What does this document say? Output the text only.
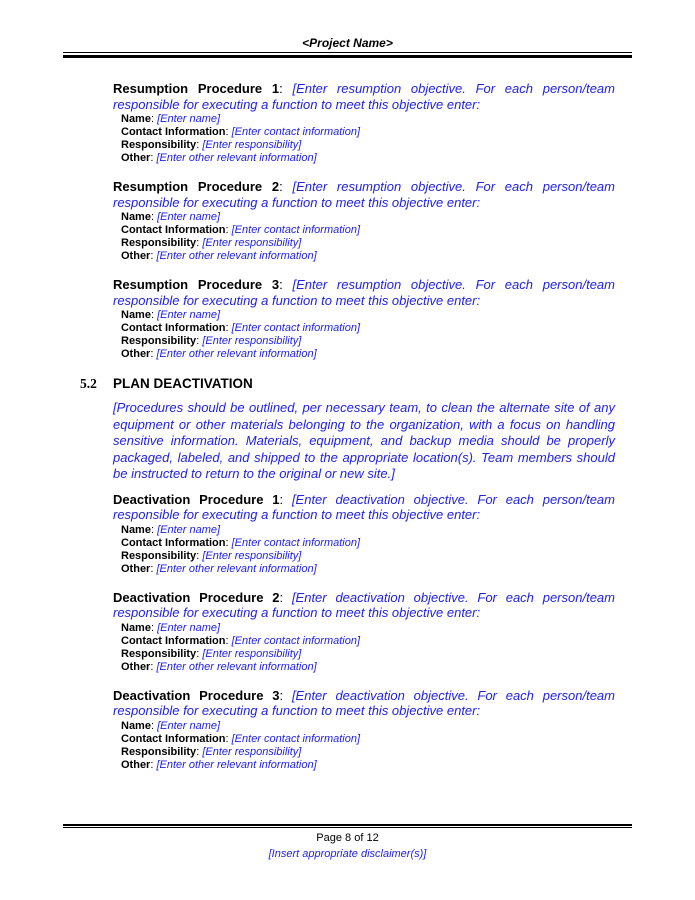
<Project Name>

Resumption Procedure 1: [Enter resumption objective. For each person/team responsible for executing a function to meet this objective enter:

Name: [Enter name]
Contact Information: [Enter contact information]
Responsibility: [Enter responsibility]
Other: [Enter other relevant information]

Resumption Procedure 2: [Enter resumption objective. For each person/team responsible for executing a function to meet this objective enter:

Name: [Enter name]
Contact Information: [Enter contact information]
Responsibility: [Enter responsibility]
Other: [Enter other relevant information]

Resumption Procedure 3: [Enter resumption objective. For each person/team responsible for executing a function to meet this objective enter:

Name: [Enter name]
Contact Information: [Enter contact information]
Responsibility: [Enter responsibility]
Other: [Enter other relevant information]
5.2 PLAN DEACTIVATION

[Procedures should be outlined, per necessary team, to clean the alternate site of any equipment or other materials belonging to the organization, with a focus on handling sensitive information. Materials, equipment, and backup media should be properly packaged, labeled, and shipped to the appropriate location(s). Team members should be instructed to return to the original or new site.]

Deactivation Procedure 1: [Enter deactivation objective. For each person/team responsible for executing a function to meet this objective enter:

Name: [Enter name]
Contact Information: [Enter contact information]
Responsibility: [Enter responsibility]
Other: [Enter other relevant information]

Deactivation Procedure 2: [Enter deactivation objective. For each person/team responsible for executing a function to meet this objective enter:

Name: [Enter name]
Contact Information: [Enter contact information]
Responsibility: [Enter responsibility]
Other: [Enter other relevant information]

Deactivation Procedure 3: [Enter deactivation objective. For each person/team responsible for executing a function to meet this objective enter:

Name: [Enter name]
Contact Information: [Enter contact information]
Responsibility: [Enter responsibility]
Other: [Enter other relevant information]
Page 8 of 12
[Insert appropriate disclaimer(s)]
